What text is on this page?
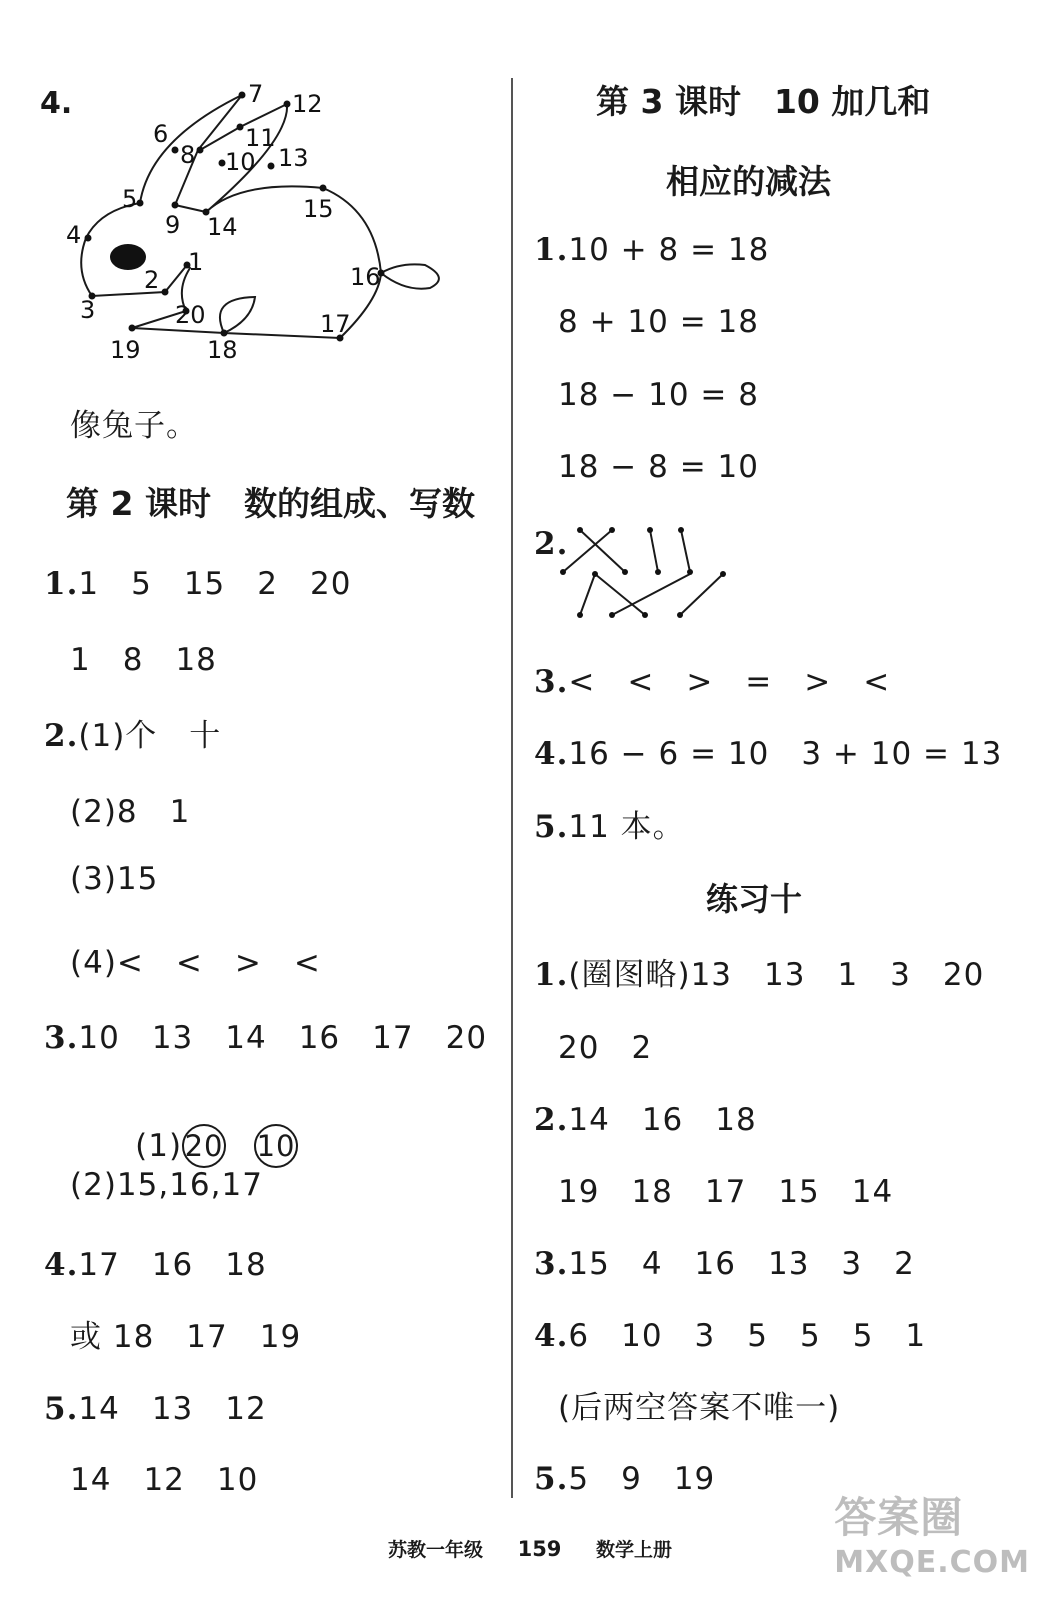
4.	7 12
6	11
8 10 13
5
9 14
15
4
1
2	16
3	20	17
19	18
像兔子。
第 2 课时　数的组成、写数
1.1　5　15　2　20
1　8　18
2.(1)个　十
(2)8　1
(3)15
(4)<　<　>　<
3.10　13　14　16　17　20

(1)20 10

(2)15,16,17
4.17　16　18
或 18　17　19
5.14　13　12
14　12　10
第 3 课时　10 加几和
相应的减法
1.10 + 8 = 18
8 + 10 = 18
18 − 10 = 8
18 − 8 = 10
2.
3.<　<　>　=　>　<
4.16 − 6 = 10　3 + 10 = 13
5.11 本。
练习十
1.(圈图略)13　13　1　3　20
20　2
2.14　16　18
19　18　17　15　14
3.15　4　16　13　3　2
4.6　10　3　5　5　5　1
(后两空答案不唯一)
5.5　9　19
苏教一年级 159 数学上册
答案圈
MXQE.COM
